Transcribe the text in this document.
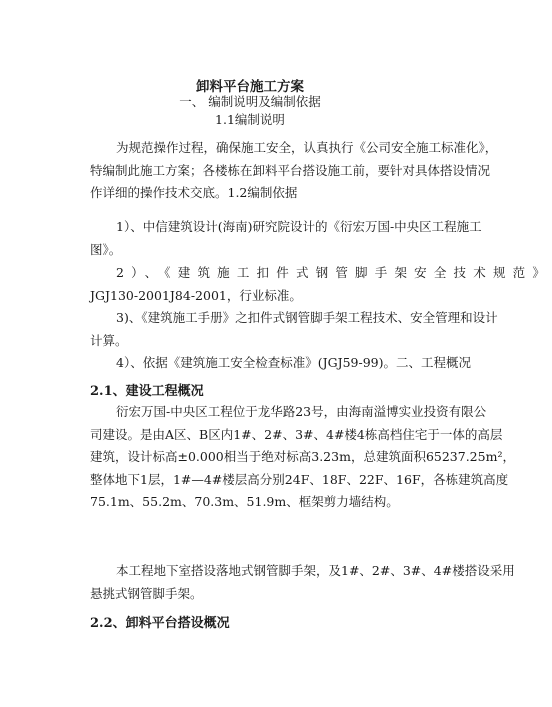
卸料平台施工方案
一、 编制说明及编制依据
1.1编制说明
为规范操作过程，确保施工安全，认真执行《公司安全施工标准化》，
特编制此施工方案；各楼栋在卸料平台搭设施工前，要针对具体搭设情况
作详细的操作技术交底。1.2编制依据
1）、中信建筑设计(海南)研究院设计的《衍宏万国-中央区工程施工
图》。
2）、《建筑施工扣件式钢管脚手架安全技术规范》
JGJ130-2001J84-2001，行业标准。
3)、《建筑施工手册》之扣件式钢管脚手架工程技术、安全管理和设计
计算。
4）、依据《建筑施工安全检查标准》(JGJ59-99)。二、工程概况
2.1、建设工程概况
衍宏万国-中央区工程位于龙华路23号，由海南溢博实业投资有限公
司建设。是由A区、B区内1#、2#、3#、4#楼4栋高档住宅于一体的高层
建筑，设计标高±0.000相当于绝对标高3.23m，总建筑面积65237.25m²，
整体地下1层，1#—4#楼层高分别24F、18F、22F、16F，各栋建筑高度
75.1m、55.2m、70.3m、51.9m、框架剪力墙结构。
本工程地下室搭设落地式钢管脚手架，及1#、2#、3#、4#楼搭设采用
悬挑式钢管脚手架。
2.2、卸料平台搭设概况
